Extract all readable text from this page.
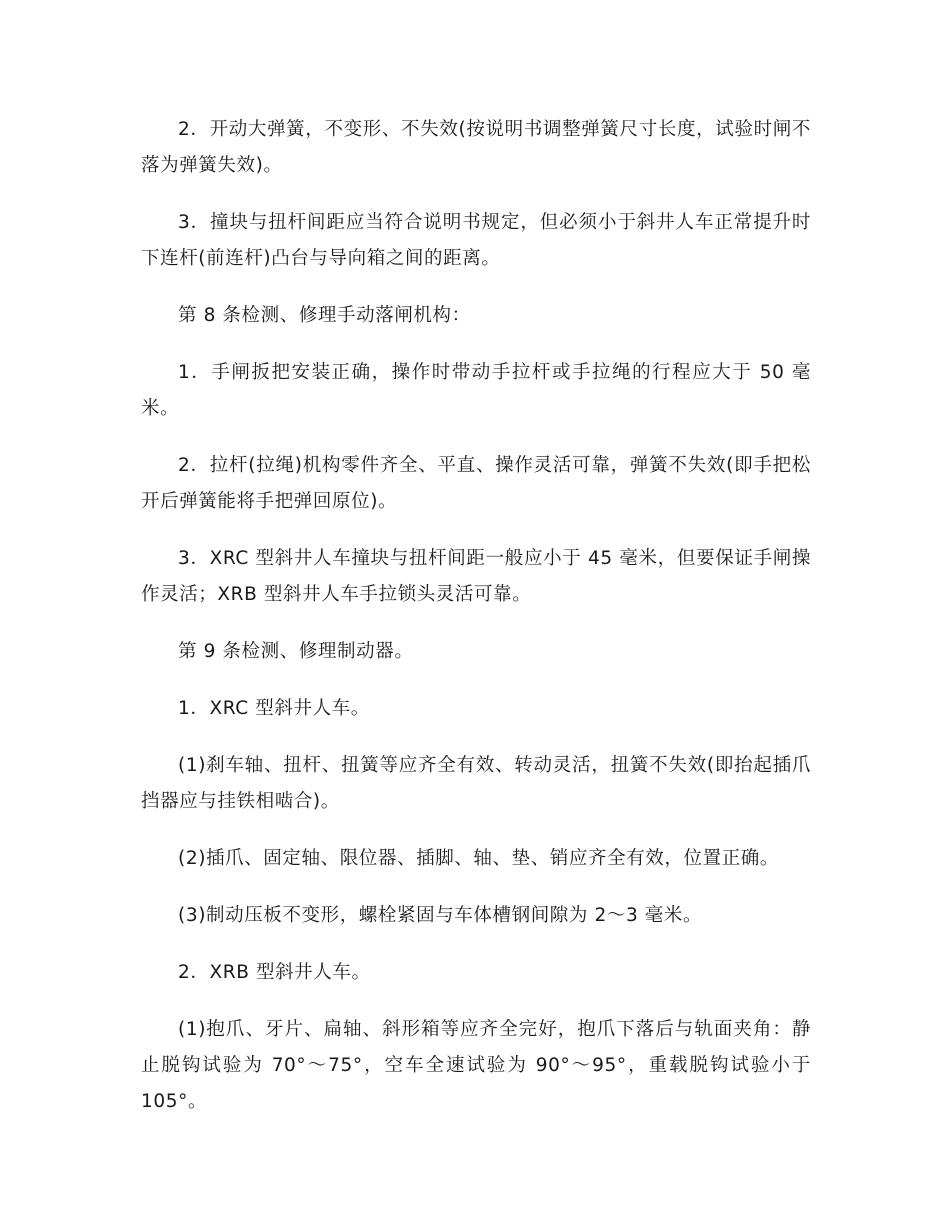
2．开动大弹簧，不变形、不失效(按说明书调整弹簧尺寸长度，试验时闸不落为弹簧失效)。

3．撞块与扭杆间距应当符合说明书规定，但必须小于斜井人车正常提升时下连杆(前连杆)凸台与导向箱之间的距离。

第 8 条检测、修理手动落闸机构：

1．手闸扳把安装正确，操作时带动手拉杆或手拉绳的行程应大于 50 毫米。

2．拉杆(拉绳)机构零件齐全、平直、操作灵活可靠，弹簧不失效(即手把松开后弹簧能将手把弹回原位)。

3．XRC 型斜井人车撞块与扭杆间距一般应小于 45 毫米，但要保证手闸操作灵活；XRB 型斜井人车手拉锁头灵活可靠。

第 9 条检测、修理制动器。

1．XRC 型斜井人车。

(1)刹车轴、扭杆、扭簧等应齐全有效、转动灵活，扭簧不失效(即抬起插爪挡器应与挂铁相啮合)。

(2)插爪、固定轴、限位器、插脚、轴、垫、销应齐全有效，位置正确。

(3)制动压板不变形，螺栓紧固与车体槽钢间隙为 2～3 毫米。

2．XRB 型斜井人车。

(1)抱爪、牙片、扁轴、斜形箱等应齐全完好，抱爪下落后与轨面夹角：静止脱钩试验为 70°～75°，空车全速试验为 90°～95°，重载脱钩试验小于 105°。
